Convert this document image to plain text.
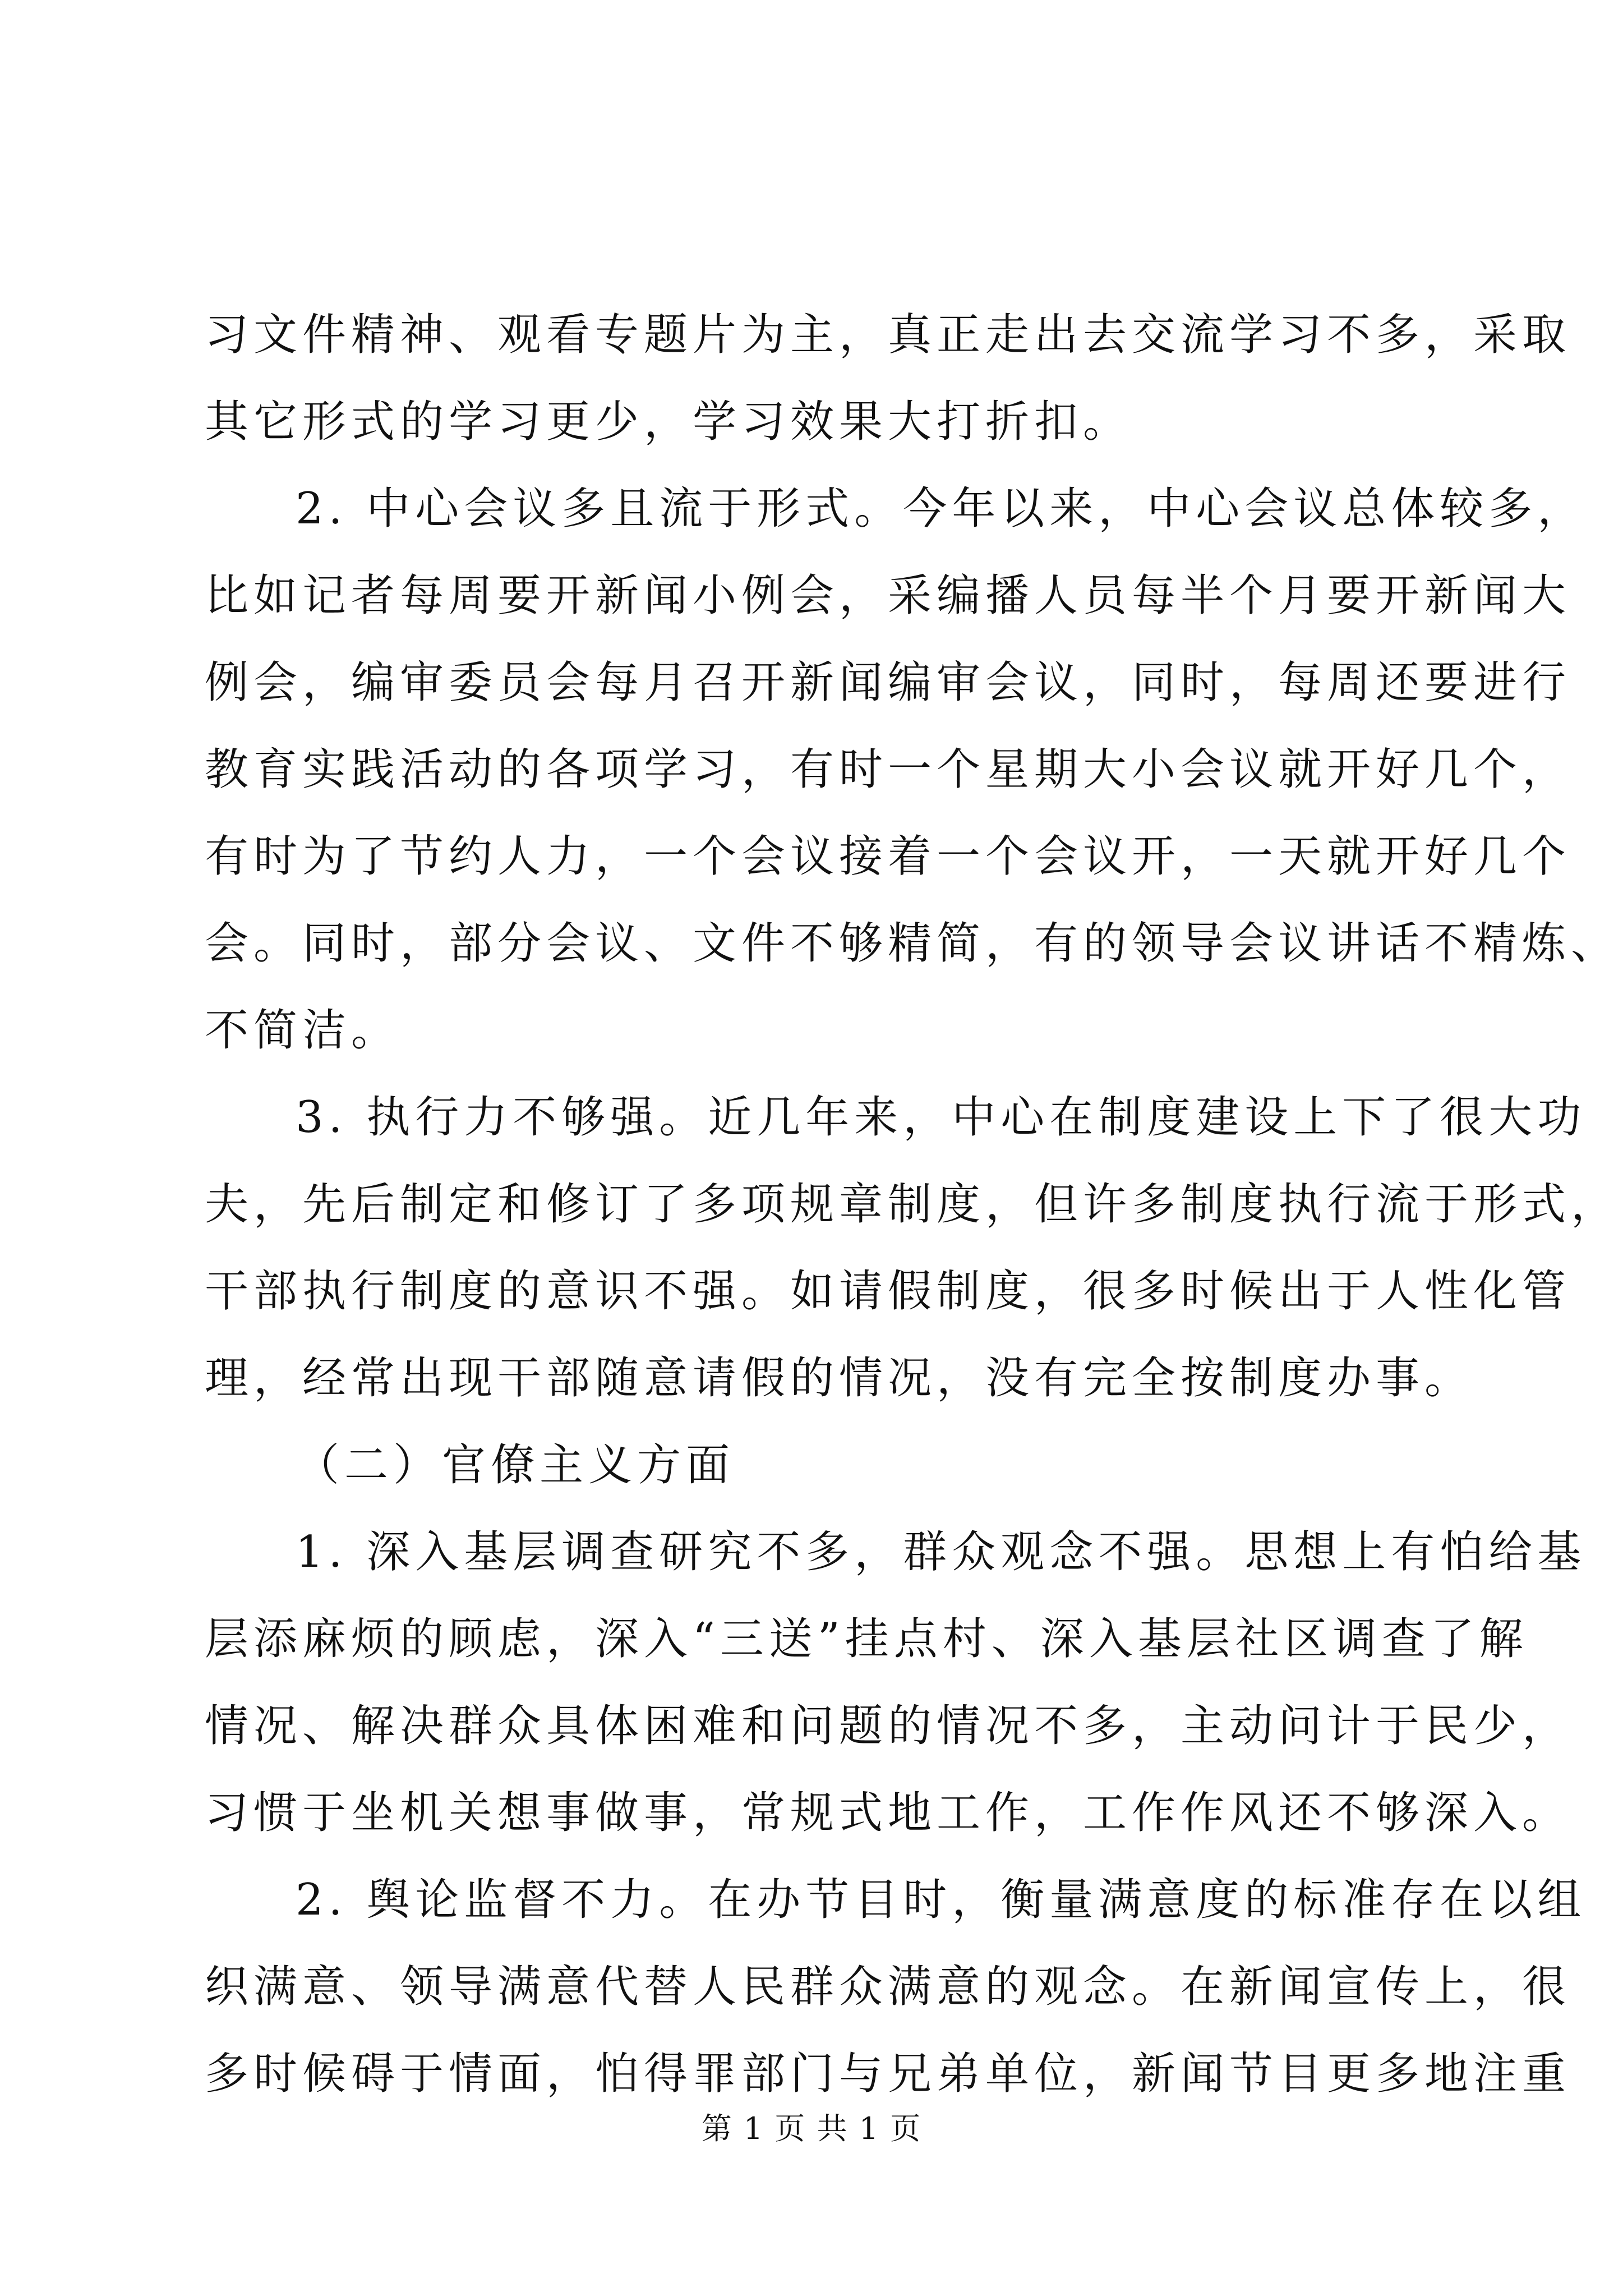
习文件精神、观看专题片为主，真正走出去交流学习不多，采取
其它形式的学习更少，学习效果大打折扣。
2. 中心会议多且流于形式。今年以来，中心会议总体较多，
比如记者每周要开新闻小例会，采编播人员每半个月要开新闻大
例会，编审委员会每月召开新闻编审会议，同时，每周还要进行
教育实践活动的各项学习，有时一个星期大小会议就开好几个，
有时为了节约人力，一个会议接着一个会议开，一天就开好几个
会。同时，部分会议、文件不够精简，有的领导会议讲话不精炼、
不简洁。
3. 执行力不够强。近几年来，中心在制度建设上下了很大功
夫，先后制定和修订了多项规章制度，但许多制度执行流于形式，
干部执行制度的意识不强。如请假制度，很多时候出于人性化管
理，经常出现干部随意请假的情况，没有完全按制度办事。
（二）官僚主义方面
1. 深入基层调查研究不多，群众观念不强。思想上有怕给基
层添麻烦的顾虑，深入“三送”挂点村、深入基层社区调查了解
情况、解决群众具体困难和问题的情况不多，主动问计于民少，
习惯于坐机关想事做事，常规式地工作，工作作风还不够深入。
2. 舆论监督不力。在办节目时，衡量满意度的标准存在以组
织满意、领导满意代替人民群众满意的观念。在新闻宣传上，很
多时候碍于情面，怕得罪部门与兄弟单位，新闻节目更多地注重
第 1 页 共 1 页
